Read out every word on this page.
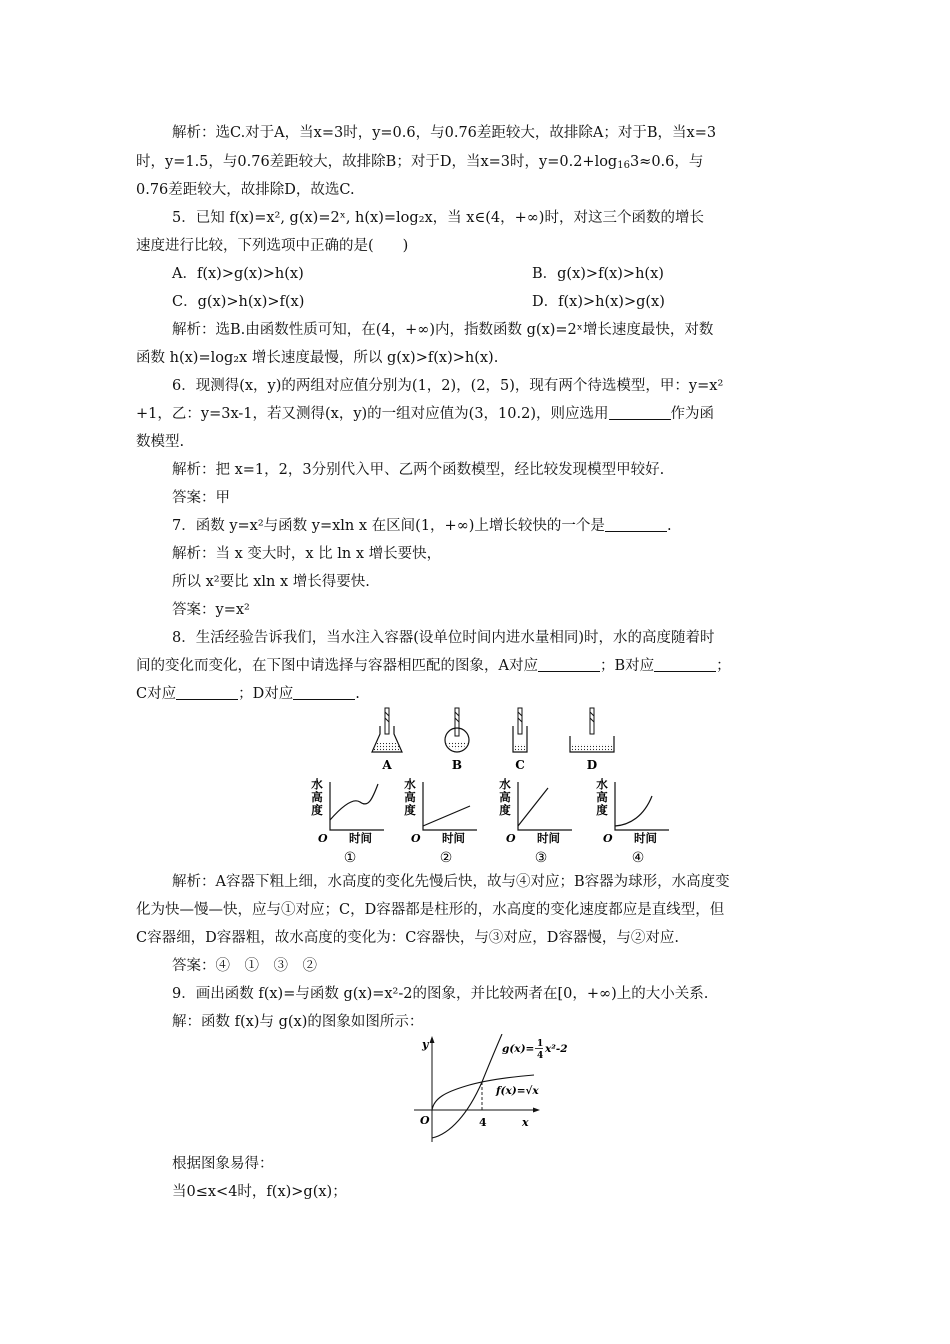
解析：选C.对于A，当x=3时，y=0.6，与0.76差距较大，故排除A；对于B，当x=3
时，y=1.5，与0.76差距较大，故排除B；对于D，当x=3时，$y=0.2+\log_{16}3\approx 0.6$，与
0.76差距较大，故排除D，故选C.
5．已知 f(x)=x², g(x)=2ˣ, h(x)=log₂x，当 x∈(4，+∞)时，对这三个函数的增长
速度进行比较，下列选项中正确的是(　　)
A．f(x)>g(x)>h(x)	B．g(x)>f(x)>h(x)
C．g(x)>h(x)>f(x)	D．f(x)>h(x)>g(x)
解析：选B.由函数性质可知，在(4，+∞)内，指数函数 g(x)=2ˣ增长速度最快，对数
函数 h(x)=log₂x 增长速度最慢，所以 g(x)>f(x)>h(x).
6．现测得(x，y)的两组对应值分别为(1，2)，(2，5)，现有两个待选模型，甲：y=x²
+1，乙：y=3x-1，若又测得(x，y)的一组对应值为(3，10.2)，则应选用	作为函
数模型.
解析：把 x=1，2，3分别代入甲、乙两个函数模型，经比较发现模型甲较好.
答案：甲
7．函数 y=x²与函数 y=xln x 在区间(1，+∞)上增长较快的一个是	.
解析：当 x 变大时，x 比 ln x 增长要快，
所以 x²要比 xln x 增长得要快.
答案：y=x²
8．生活经验告诉我们，当水注入容器(设单位时间内进水量相同)时，水的高度随着时
间的变化而变化，在下图中请选择与容器相匹配的图象，A对应	；B对应	；
C对应	；D对应	.
A	B	C	D
水
高
度
O 时间
①
水
高
度
O 时间
②
水
高
度
O 时间
③
水
高
度
O 时间
④
解析：A容器下粗上细，水高度的变化先慢后快，故与④对应；B容器为球形，水高度变
化为快—慢—快，应与①对应；C，D容器都是柱形的，水高度的变化速度都应是直线型，但
C容器细，D容器粗，故水高度的变化为：C容器快，与③对应，D容器慢，与②对应.
答案：④　①　③　②
9．画出函数 f(x)=与函数 g(x)=x²-2的图象，并比较两者在[0，+∞)上的大小关系.
解：函数 f(x)与 g(x)的图象如图所示：
y
x
O	4
g(x)= 1
4
x²-2
f(x)=√x
根据图象易得：
当0≤x<4时，f(x)>g(x)；
